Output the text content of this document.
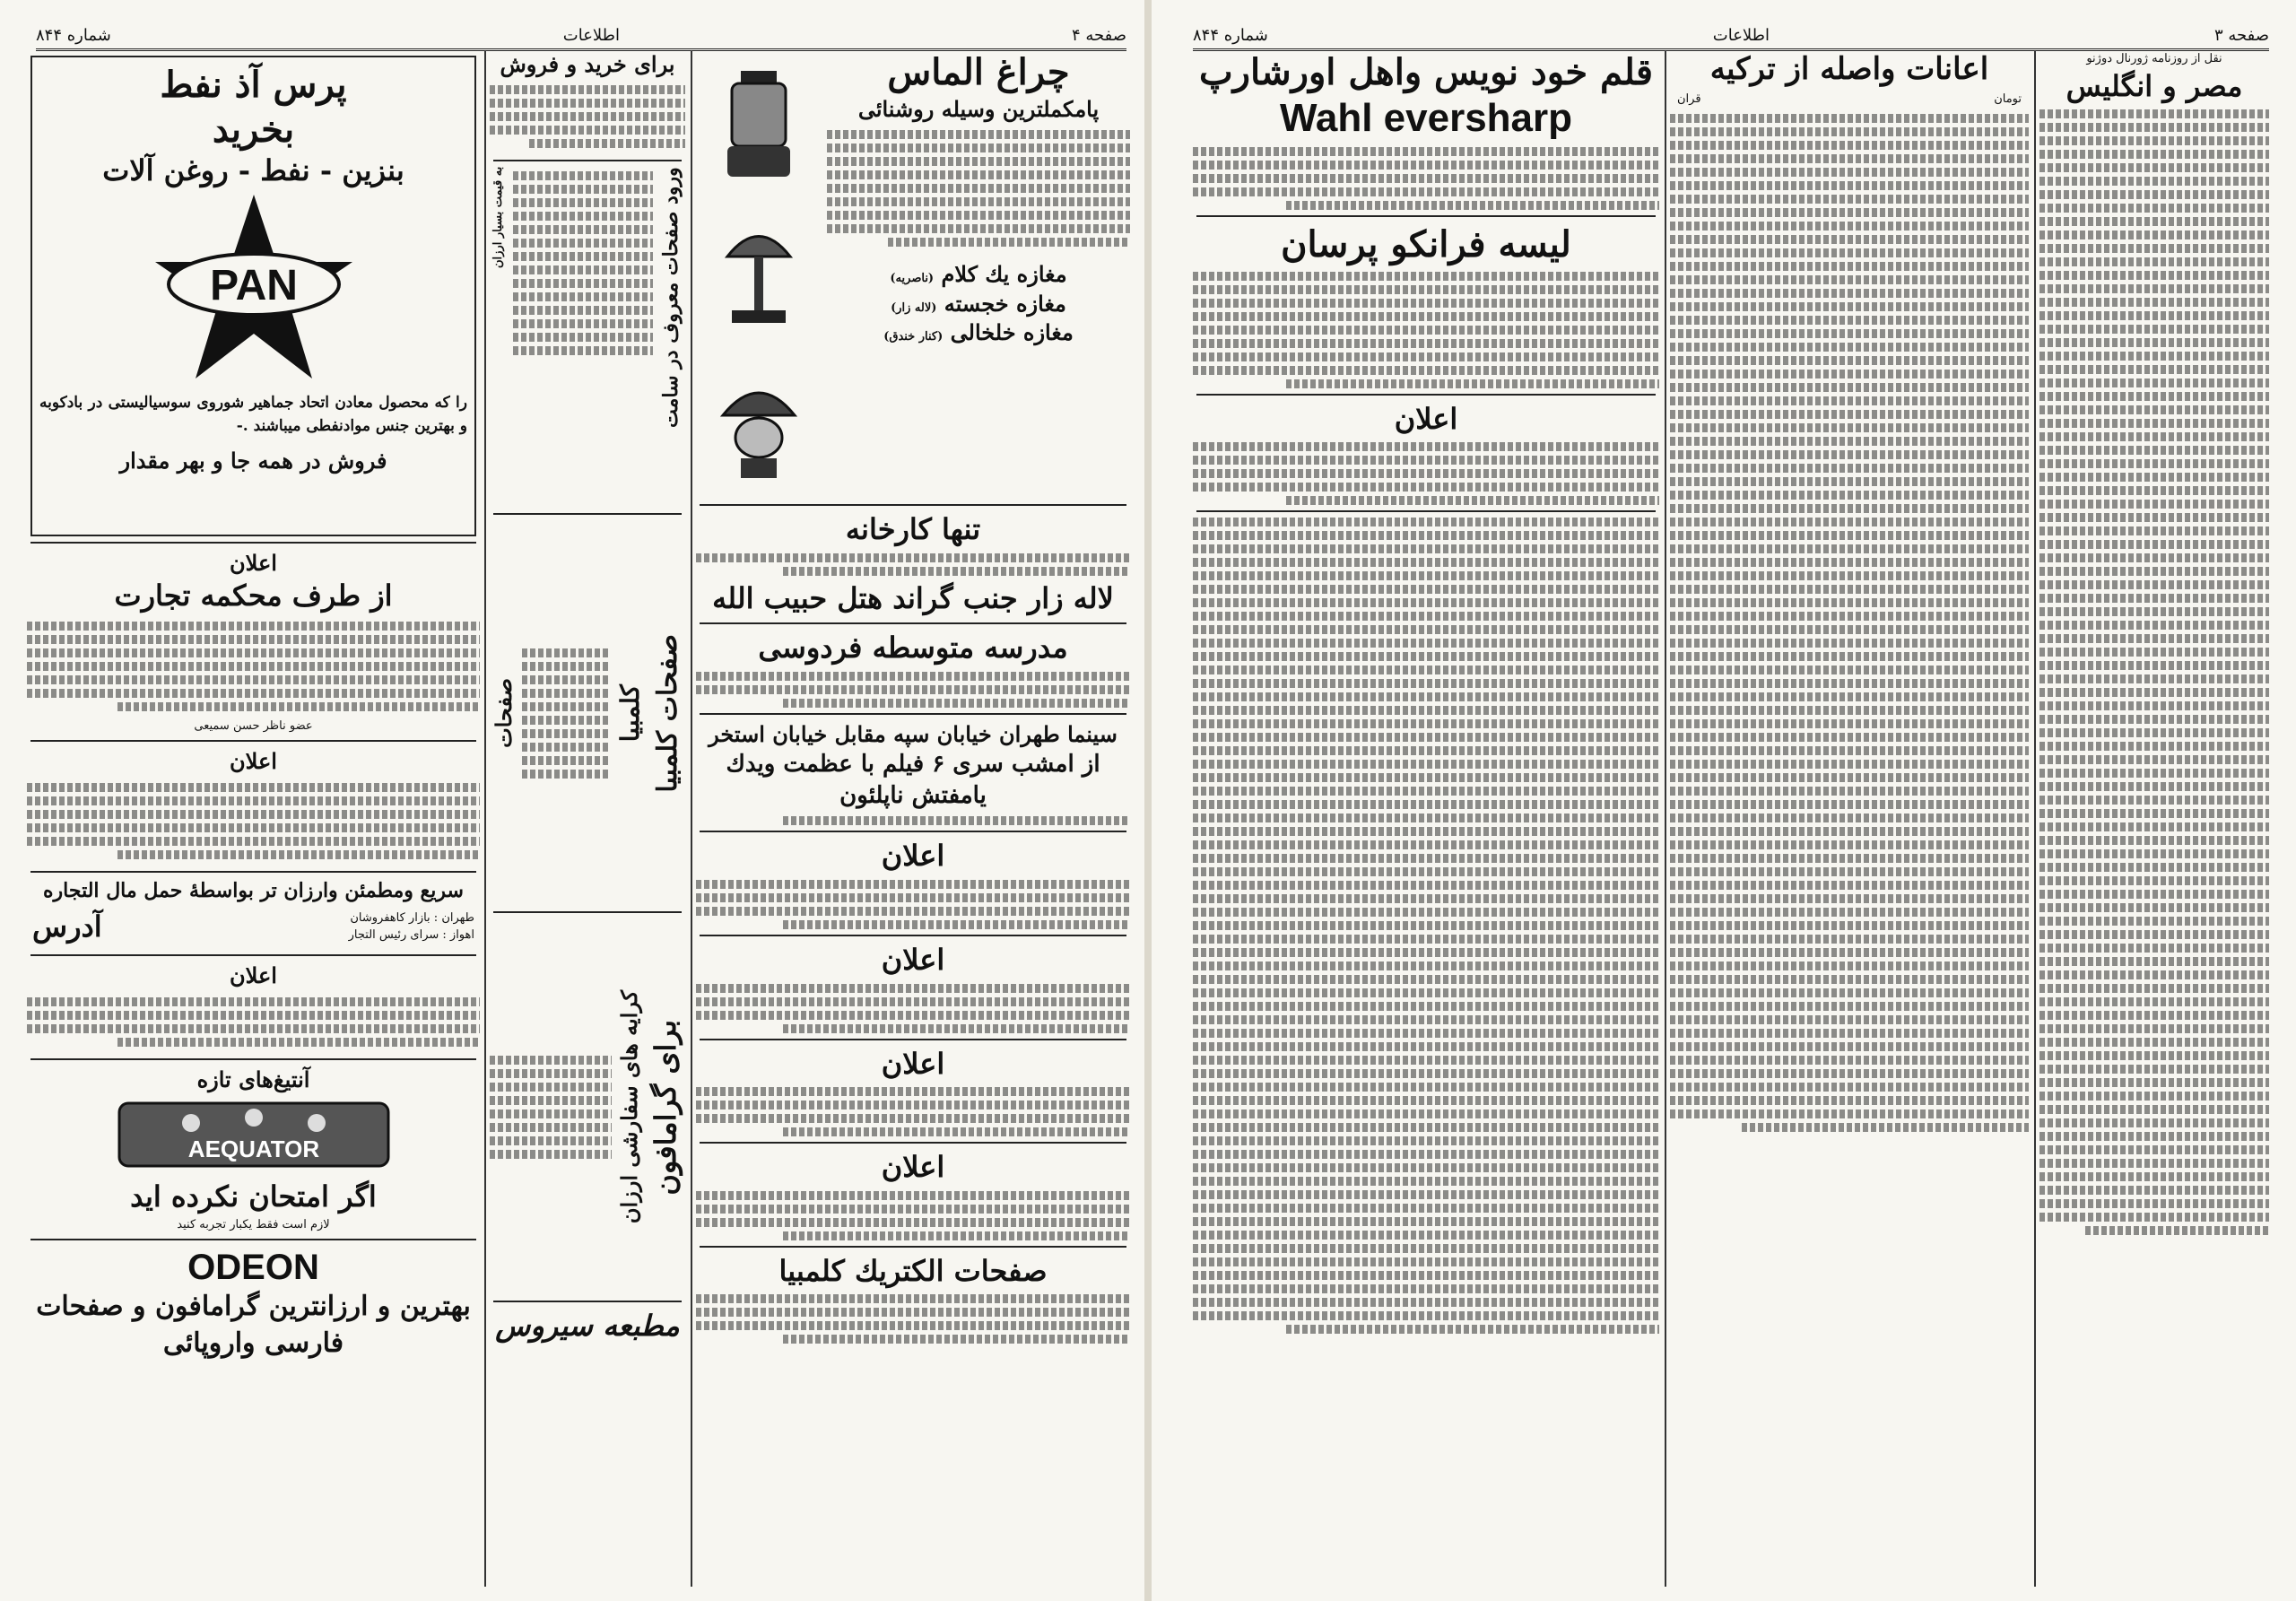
شماره ۸۴۴	اطلاعات	صفحه ۴
پرس آذ نفط
بخرید
بنزین - نفط - روغن آلات
PAN
را که محصول معادن اتحاد جماهیر شوروی سوسیالیستی در بادکوبه و بهترین جنس موادنفطی میباشند .-
فروش در همه جا و بهر مقدار
اعلان
از طرف محکمه تجارت
عضو ناظر حسن سمیعی
اعلان
سریع ومطمئن وارزان تر بواسطهٔ حمل مال التجاره
طهران : بازار کاهفروشان
اهواز : سرای رئیس التجار
آدرس
اعلان
آنتیغ‌های تازه
AEQUATOR
اگر امتحان نکرده اید
لازم است فقط یکبار تجربه کنید
ODEON
بهترین و ارزانترین گرامافون و صفحات
فارسی واروپائی
برای خرید و فروش
ورود صفحات معروف در سامت
به قیمت بسیار ارزان
صفحات کلمبیا
کلمبیا
صفحات
برای گرامافون
کرایه های سفارشی ارزان
مطبعه سیروس
چراغ الماس
پامکملترین وسیله روشنائی
مغازه یك كلام (ناصریه)
مغازه خجسته (لاله زار)
مغازه خلخالی (کنار خندق)
تنها کارخانه
لاله زار جنب گراند هتل حبیب الله
مدرسه متوسطه فردوسی
سینما طهران خیابان سپه مقابل خیابان استخر
از امشب سری ۶ فیلم با عظمت ویدك یامفتش ناپلئون
اعلان
اعلان
اعلان
اعلان
صفحات الكتريك كلمبيا
شماره ۸۴۴	اطلاعات	صفحه ۳
قلم خود نویس واهل اورشارپ
Wahl eversharp
لیسه فرانکو پرسان
اعلان
اعانات واصله از ترکیه
تومان
قران
نقل از روزنامه ژورنال دوژنو
مصر و انگلیس
